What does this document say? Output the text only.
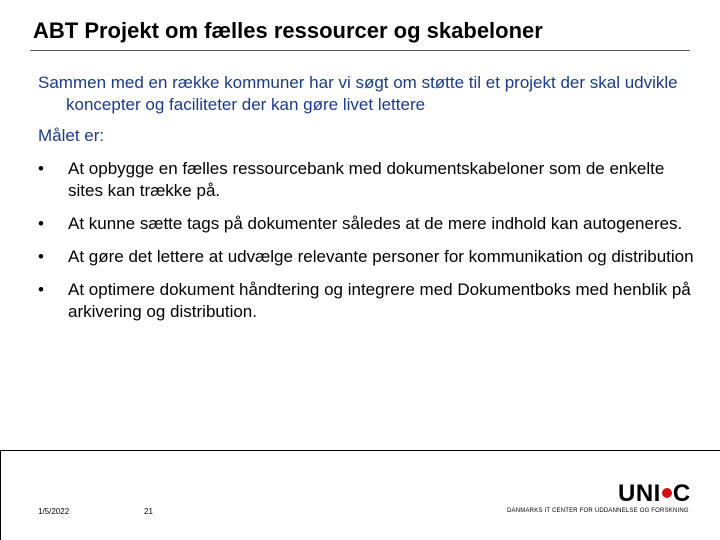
ABT Projekt om fælles ressourcer og skabeloner
Sammen med en række kommuner har vi søgt om støtte til et projekt der skal udvikle koncepter og faciliteter der kan gøre livet lettere
Målet er:
• At opbygge en fælles ressourcebank med dokumentskabeloner som de enkelte sites kan trække på.
• At kunne sætte tags på dokumenter således at de mere indhold kan autogeneres.
• At gøre det lettere at udvælge relevante personer for kommunikation og distribution
• At optimere dokument håndtering og integrere med Dokumentboks med henblik på arkivering og distribution.
1/5/2022	21
UNI C
DANMARKS IT CENTER FOR UDDANNELSE OG FORSKNING
